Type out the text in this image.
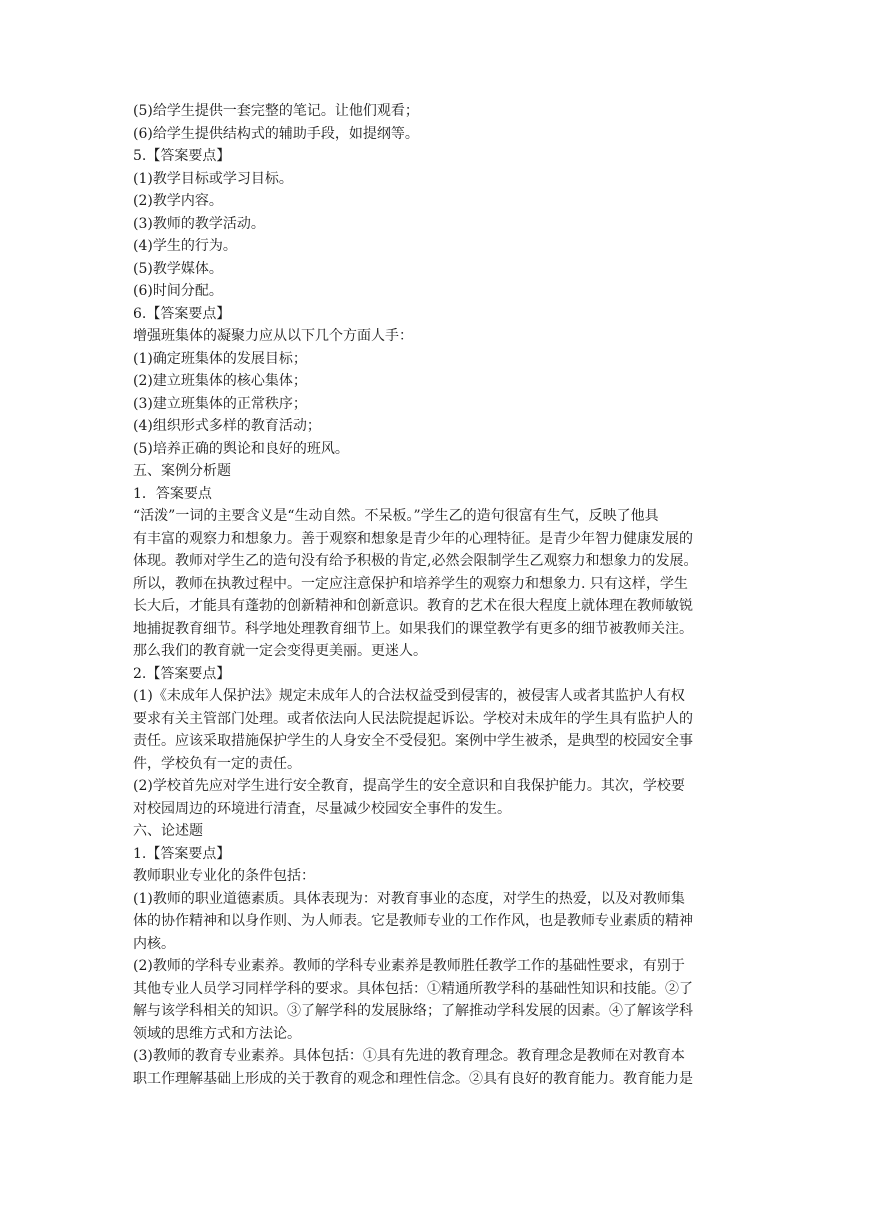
(5)给学生提供一套完整的笔记。让他们观看；
(6)给学生提供结构式的辅助手段，如提纲等。
5.【答案要点】
(1)教学目标或学习目标。
(2)教学内容。
(3)教师的教学活动。
(4)学生的行为。
(5)教学媒体。
(6)时间分配。
6.【答案要点】
增强班集体的凝聚力应从以下几个方面人手：
(1)确定班集体的发展目标；
(2)建立班集体的核心集体；
(3)建立班集体的正常秩序；
(4)组织形式多样的教育活动；
(5)培养正确的舆论和良好的班风。
五、案例分析题
1．答案要点
“活泼”一词的主要含义是“生动自然。不呆板。”学生乙的造句很富有生气，反映了他具
有丰富的观察力和想象力。善于观察和想象是青少年的心理特征。是青少年智力健康发展的
体现。教师对学生乙的造句没有给予积极的肯定,必然会限制学生乙观察力和想象力的发展。
所以，教师在执教过程中。一定应注意保护和培养学生的观察力和想象力. 只有这样，学生
长大后，才能具有蓬勃的创新精神和创新意识。教育的艺术在很大程度上就体理在教师敏锐
地捕捉教育细节。科学地处理教育细节上。如果我们的课堂教学有更多的细节被教师关注。
那么我们的教育就一定会变得更美丽。更迷人。
2.【答案要点】
(1)《未成年人保护法》规定未成年人的合法权益受到侵害的，被侵害人或者其监护人有权
要求有关主管部门处理。或者依法向人民法院提起诉讼。学校对未成年的学生具有监护人的
责任。应该采取措施保护学生的人身安全不受侵犯。案例中学生被杀，是典型的校园安全事
件，学校负有一定的责任。
(2)学校首先应对学生进行安全教育，提高学生的安全意识和自我保护能力。其次，学校要
对校园周边的环境进行清査，尽量减少校园安全事件的发生。
六、论述题
1.【答案要点】
教师职业专业化的条件包括：
(1)教师的职业道德素质。具体表现为：对教育事业的态度，对学生的热爱，以及对教师集
体的协作精神和以身作则、为人师表。它是教师专业的工作作风，也是教师专业素质的精神
内核。
(2)教师的学科专业素养。教师的学科专业素养是教师胜任教学工作的基础性要求，有别于
其他专业人员学习同样学科的要求。具体包括：①精通所教学科的基础性知识和技能。②了
解与该学科相关的知识。③了解学科的发展脉络；了解推动学科发展的因素。④了解该学科
领域的思维方式和方法论。
(3)教师的教育专业素养。具体包括：①具有先进的教育理念。教育理念是教师在对教育本
职工作理解基础上形成的关于教育的观念和理性信念。②具有良好的教育能力。教育能力是
